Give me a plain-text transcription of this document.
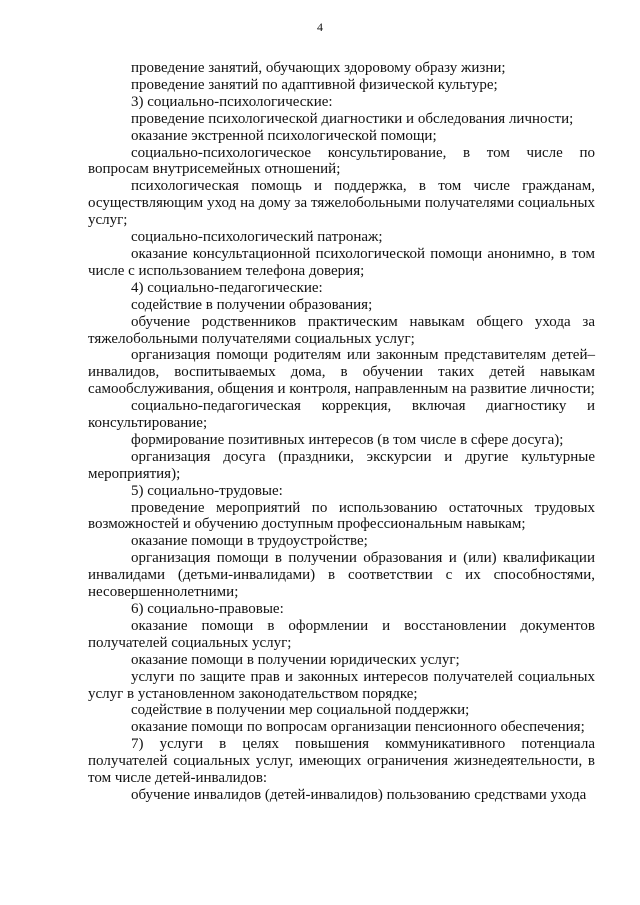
4

проведение занятий, обучающих здоровому образу жизни;

проведение занятий по адаптивной физической культуре;

3) социально-психологические:

проведение психологической диагностики и обследования личности;

оказание экстренной психологической помощи;

социально-психологическое консультирование, в том числе по вопросам внутрисемейных отношений;

психологическая помощь и поддержка, в том числе гражданам, осуществляющим уход на дому за тяжелобольными получателями социальных услуг;

социально-психологический патронаж;

оказание консультационной психологической помощи анонимно, в том числе с использованием телефона доверия;

4) социально-педагогические:

содействие в получении образования;

обучение родственников практическим навыкам общего ухода за тяжелобольными получателями социальных услуг;

организация помощи родителям или законным представителям детей–инвалидов, воспитываемых дома, в обучении таких детей навыкам самообслуживания, общения и контроля, направленным на развитие личности;

социально-педагогическая коррекция, включая диагностику и консультирование;

формирование позитивных интересов (в том числе в сфере досуга);

организация досуга (праздники, экскурсии и другие культурные мероприятия);

5) социально-трудовые:

проведение мероприятий по использованию остаточных трудовых возможностей и обучению доступным профессиональным навыкам;

оказание помощи в трудоустройстве;

организация помощи в получении образования и (или) квалификации инвалидами (детьми-инвалидами) в соответствии с их способностями, несовершеннолетними;

6) социально-правовые:

оказание помощи в оформлении и восстановлении документов получателей социальных услуг;

оказание помощи в получении юридических услуг;

услуги по защите прав и законных интересов получателей социальных услуг в установленном законодательством порядке;

содействие в получении мер социальной поддержки;

оказание помощи по вопросам организации пенсионного обеспечения;

7) услуги в целях повышения коммуникативного потенциала получателей социальных услуг, имеющих ограничения жизнедеятельности, в том числе детей-инвалидов:

обучение инвалидов (детей-инвалидов) пользованию средствами ухода
